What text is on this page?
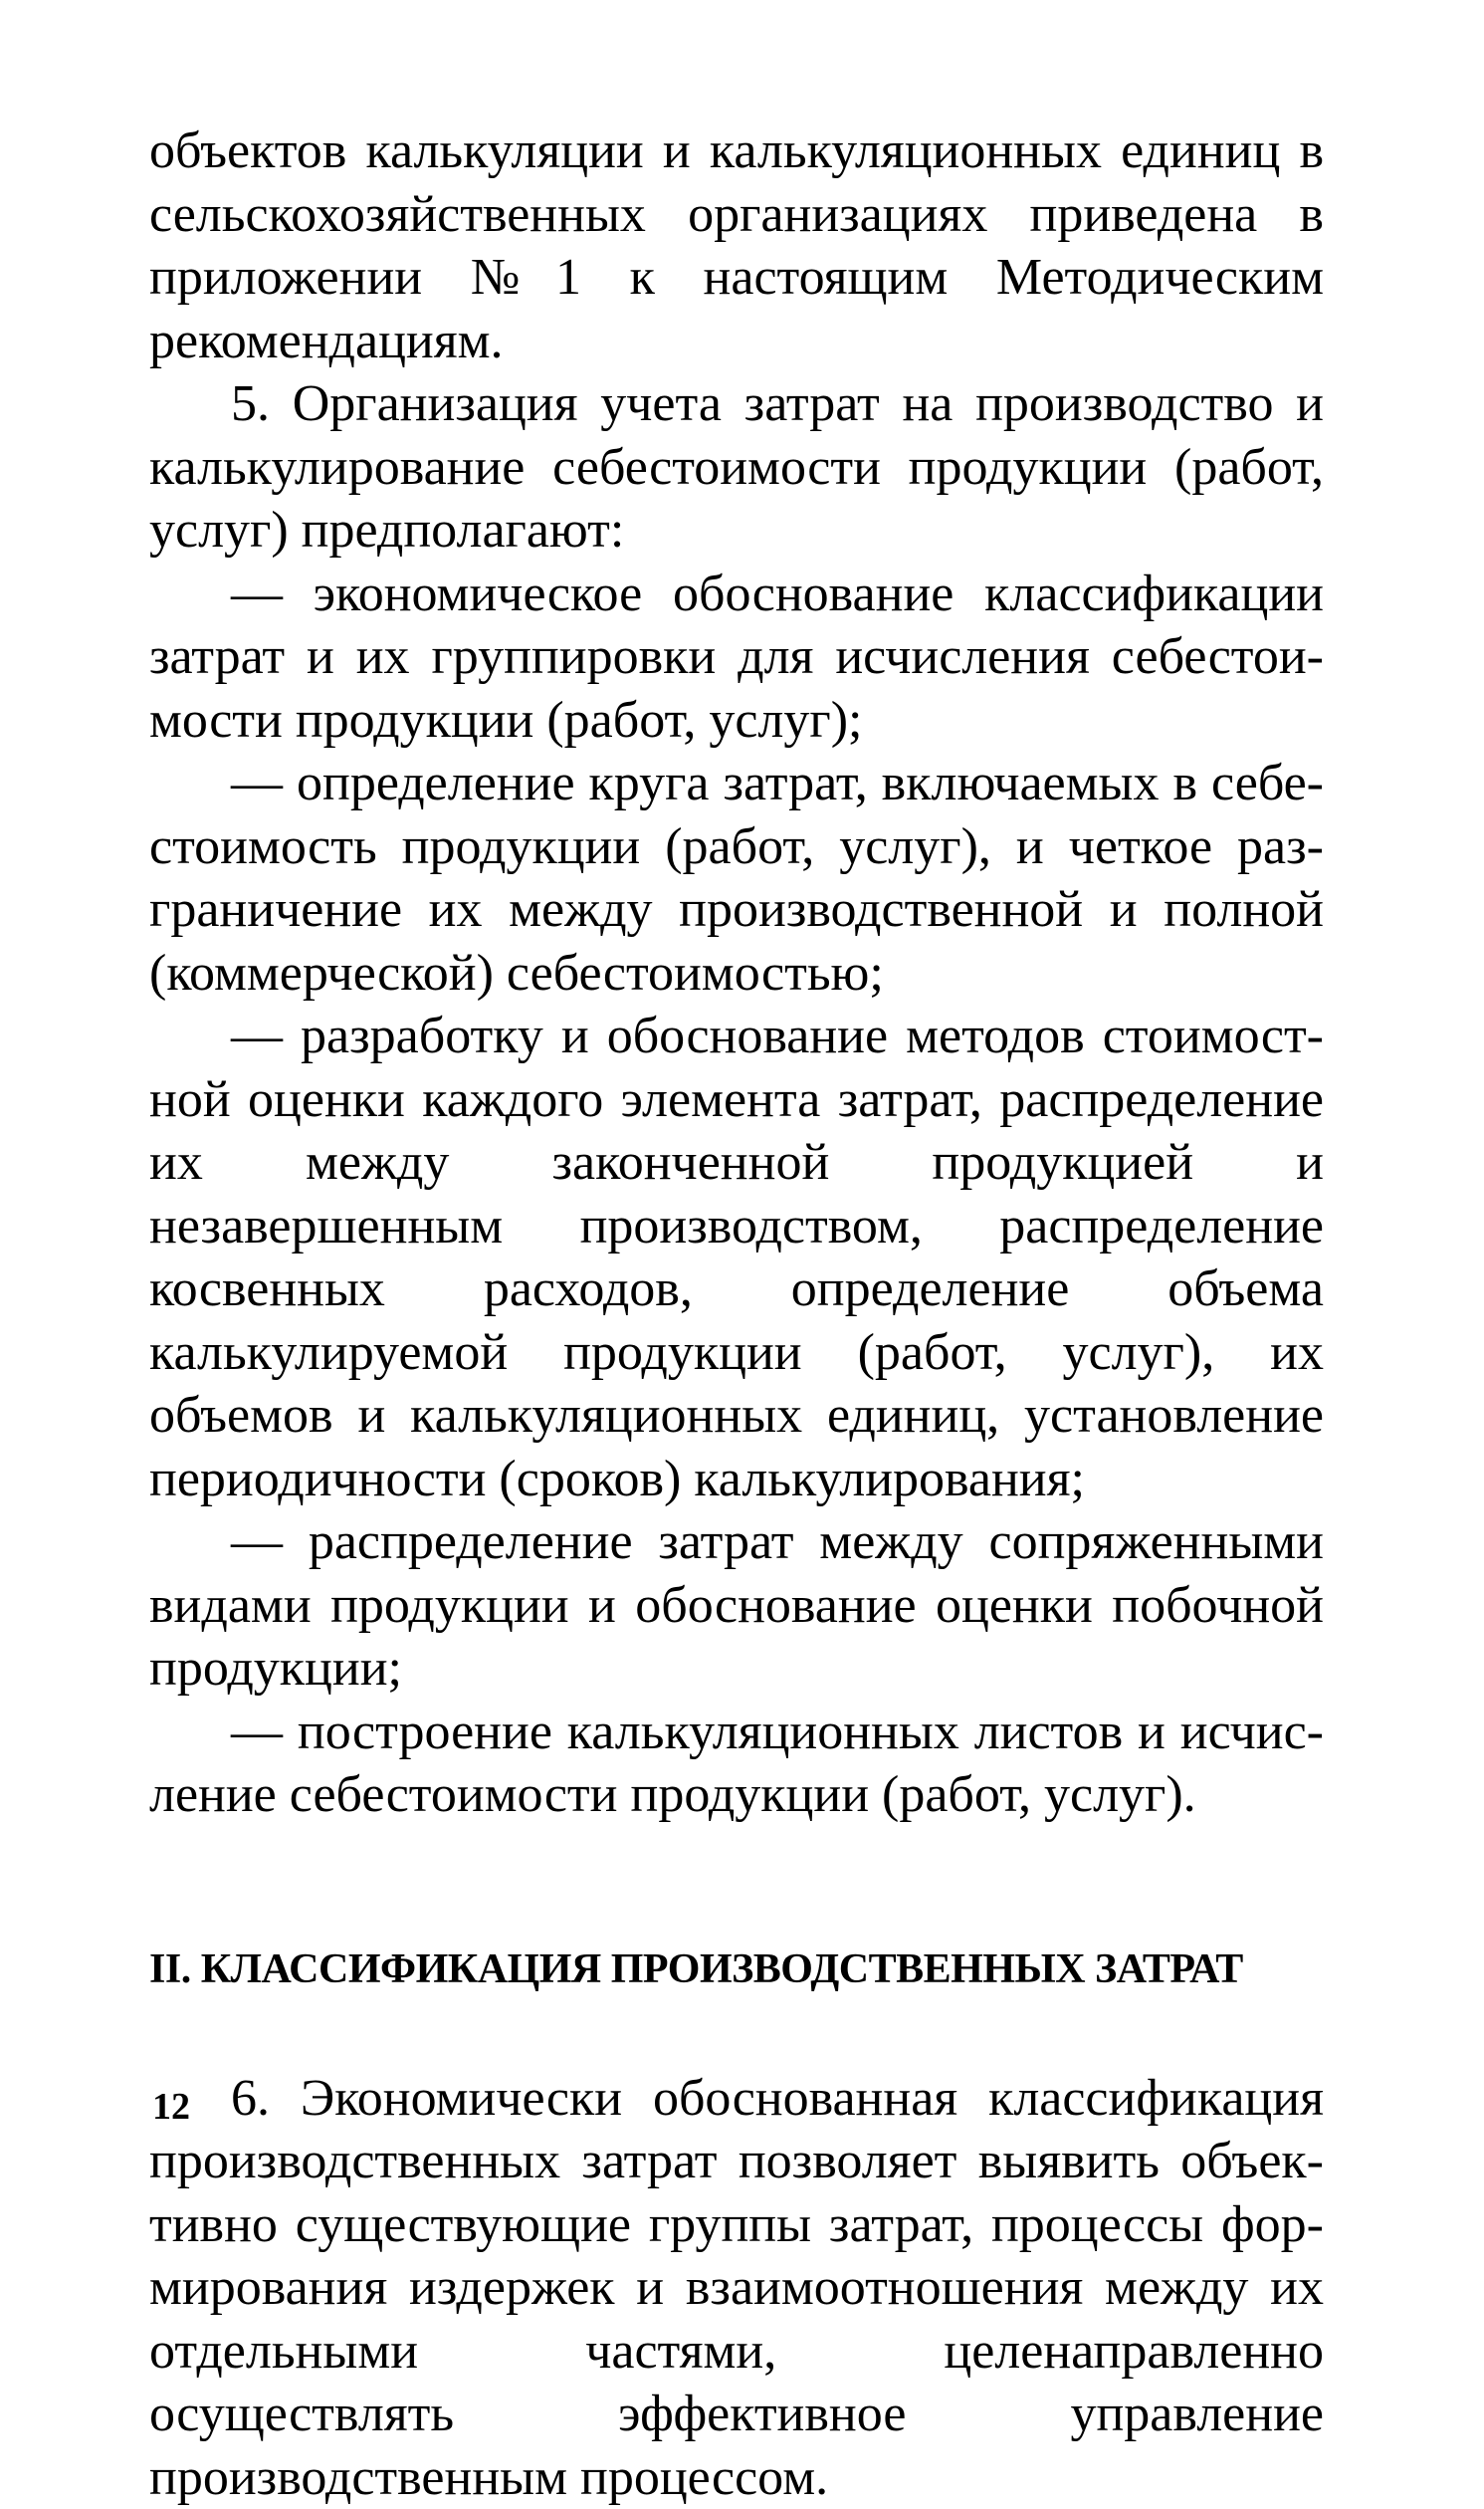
объектов калькуляции и калькуляционных единиц в сельскохозяйственных организациях приведена в приложении №1 к настоящим Методическим рекомендациям.

5. Организация учета затрат на производство и калькулирование себестоимости продукции (работ, услуг) предполагают:

— экономическое обоснование классификации затрат и их группировки для исчисления себестоимости продукции (работ, услуг);

— определение круга затрат, включаемых в себестоимость продукции (работ, услуг), и четкое разграничение их между производственной и полной (коммерческой) себестоимостью;

— разработку и обоснование методов стоимостной оценки каждого элемента затрат, распределение их между законченной продукцией и незавершенным производством, распределение косвенных расходов, определение объема калькулируемой продукции (работ, услуг), их объемов и калькуляционных единиц, установление периодичности (сроков) калькулирования;

— распределение затрат между сопряженными видами продукции и обоснование оценки побочной продукции;

— построение калькуляционных листов и исчисление себестоимости продукции (работ, услуг).

II. КЛАССИФИКАЦИЯ ПРОИЗВОДСТВЕННЫХ ЗАТРАТ

6. Экономически обоснованная классификация производственных затрат позволяет выявить объективно существующие группы затрат, процессы формирования издержек и взаимоотношения между их отдельными частями, целенаправленно осуществлять эффективное управление производственным процессом.

12
